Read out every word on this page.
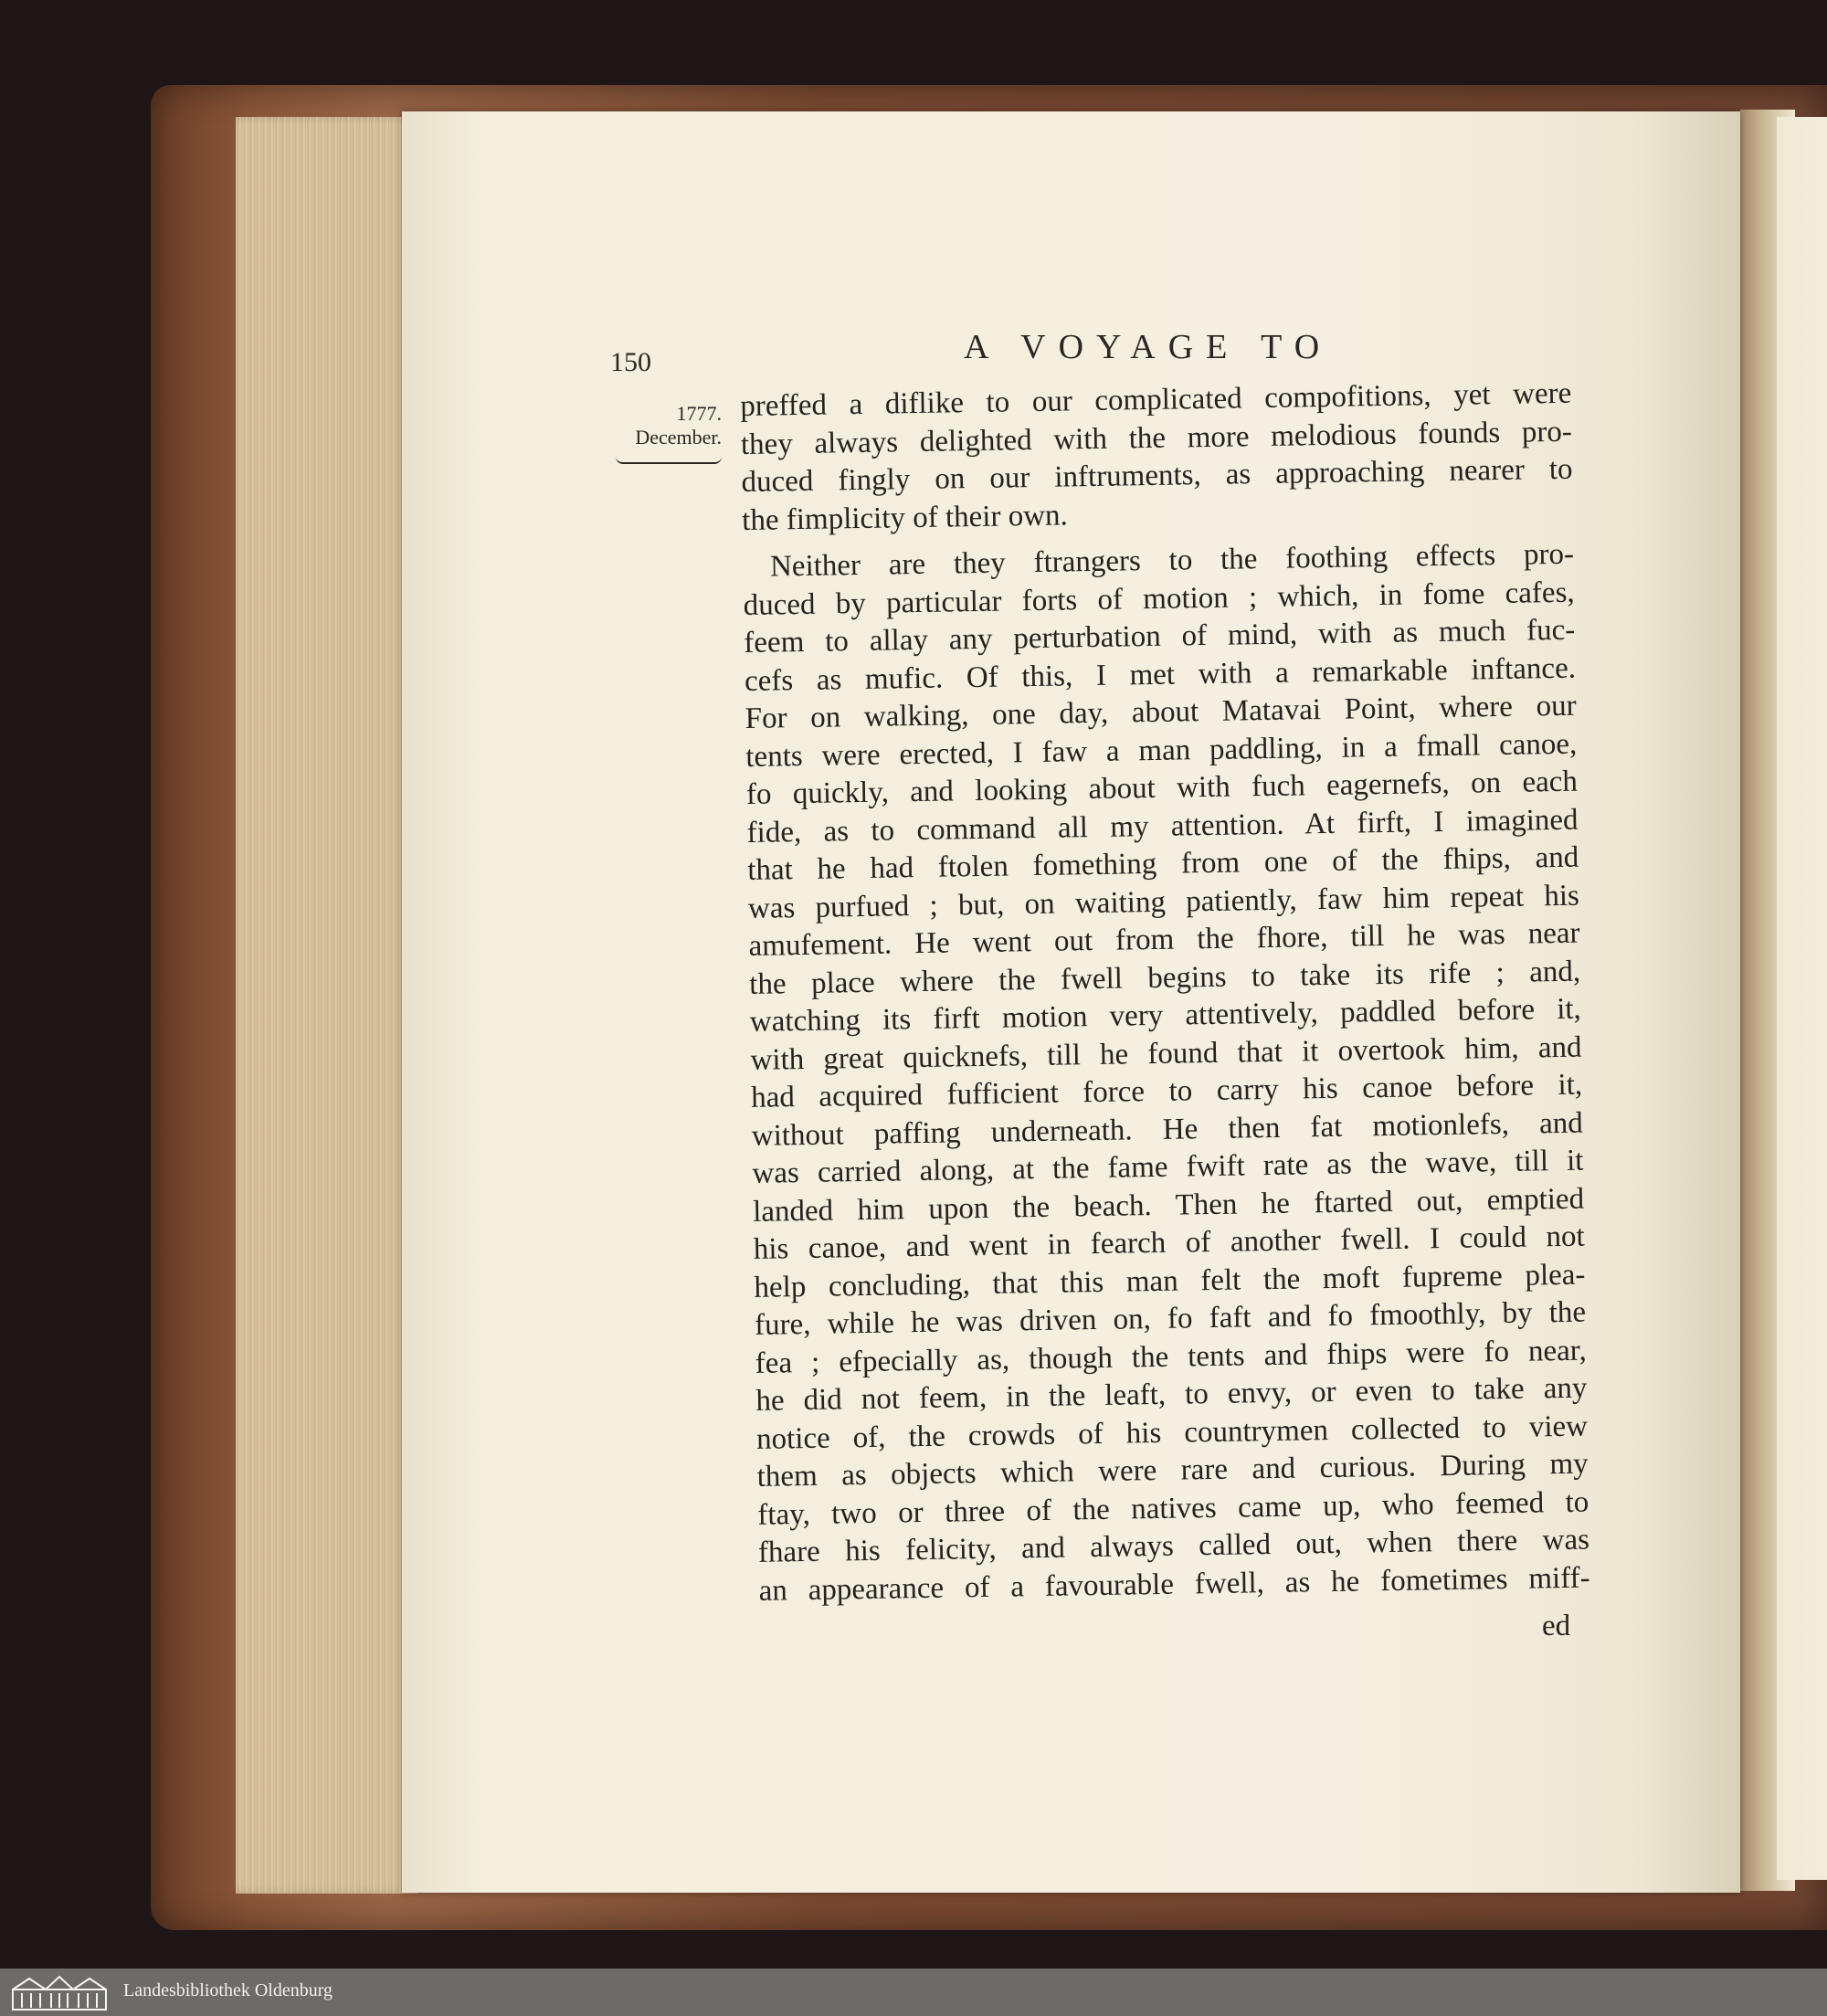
150	A VOYAGE TO
1777.
December.
preffed a diflike to our complicated compofitions, yet were
they always delighted with the more melodious founds pro-
duced fingly on our inftruments, as approaching nearer to
the fimplicity of their own.
Neither are they ftrangers to the foothing effects pro-
duced by particular forts of motion ; which, in fome cafes,
feem to allay any perturbation of mind, with as much fuc-
cefs as mufic. Of this, I met with a remarkable inftance.
For on walking, one day, about Matavai Point, where our
tents were erected, I faw a man paddling, in a fmall canoe,
fo quickly, and looking about with fuch eagernefs, on each
fide, as to command all my attention. At firft, I imagined
that he had ftolen fomething from one of the fhips, and
was purfued ; but, on waiting patiently, faw him repeat his
amufement. He went out from the fhore, till he was near
the place where the fwell begins to take its rife ; and,
watching its firft motion very attentively, paddled before it,
with great quicknefs, till he found that it overtook him, and
had acquired fufficient force to carry his canoe before it,
without paffing underneath. He then fat motionlefs, and
was carried along, at the fame fwift rate as the wave, till it
landed him upon the beach. Then he ftarted out, emptied
his canoe, and went in fearch of another fwell. I could not
help concluding, that this man felt the moft fupreme plea-
fure, while he was driven on, fo faft and fo fmoothly, by the
fea ; efpecially as, though the tents and fhips were fo near,
he did not feem, in the leaft, to envy, or even to take any
notice of, the crowds of his countrymen collected to view
them as objects which were rare and curious. During my
ftay, two or three of the natives came up, who feemed to
fhare his felicity, and always called out, when there was
an appearance of a favourable fwell, as he fometimes miff-
ed
Landesbibliothek Oldenburg
